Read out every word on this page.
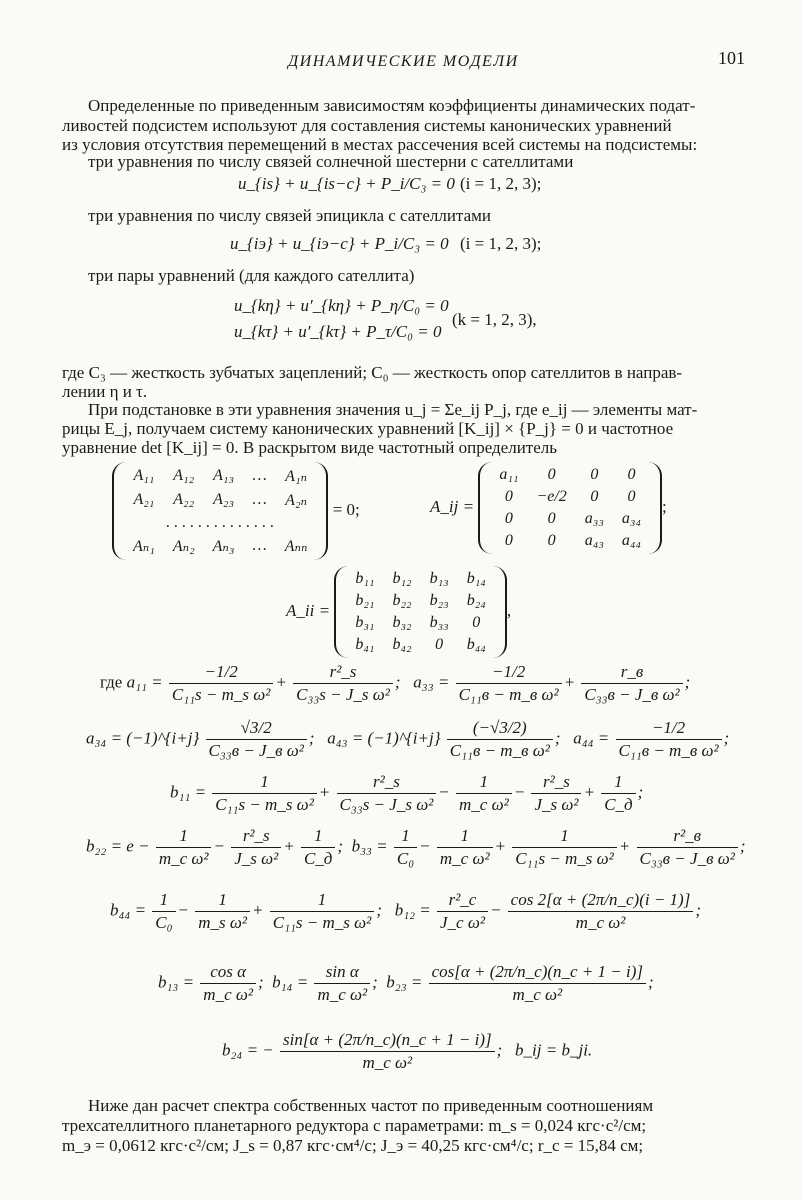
ДИНАМИЧЕСКИЕ МОДЕЛИ	101
Определенные по приведенным зависимостям коэффициенты динамических подат-
ливостей подсистем используют для составления системы канонических уравнений
из условия отсутствия перемещений в местах рассечения всей системы на подсистемы:
три уравнения по числу связей солнечной шестерни с сателлитами
u_{is} + u_{is−c} + P_i/C₃ = 0 (i = 1, 2, 3);
три уравнения по числу связей эпицикла с сателлитами
u_{iэ} + u_{iэ−c} + P_i/C₃ = 0 (i = 1, 2, 3);
три пары уравнений (для каждого сателлита)
u_{kη} + u′_{kη} + P_η/C₀ = 0
u_{kτ} + u′_{kτ} + P_τ/C₀ = 0
(k = 1, 2, 3),
где C₃ — жесткость зубчатых зацеплений; C₀ — жесткость опор сателлитов в направ-
лении η и τ.
При подстановке в эти уравнения значения u_j = Σe_ij P_j, где e_ij — элементы мат-
рицы E_j, получаем систему канонических уравнений [K_ij] × {P_j} = 0 и частотное
уравнение det [K_ij] = 0. В раскрытом виде частотный определитель
A₁₁	A₁₂	A₁₃	…	A₁ₙ
A₂₁	A₂₂	A₂₃	…	A₂ₙ
. . . . . . . . . . . . . .				
Aₙ₁	Aₙ₂	Aₙ₃	…	Aₙₙ
= 0;	A_ij =
a₁₁	0	0	0
0	−e/2	0	0
0	0	a₃₃	a₃₄
0	0	a₄₃	a₄₄
;
A_ii =
b₁₁	b₁₂	b₁₃	b₁₄
b₂₁	b₂₂	b₂₃	b₂₄
b₃₁	b₃₂	b₃₃	0
b₄₁	b₄₂	0	b₄₄
,
где $a_{11} = \frac{-1/2}{\text{C₁₁s − m\_s ω²}} + \frac{\text{r²\_s}}{\text{C₃₃s − J\_s ω²}}$ ;   $a_{33} = \frac{-1/2}{\text{C₁₁в − m\_в ω²}} + \frac{r\_в}{\text{C₃₃в − J\_в ω²}}$ ;
a₃₄ = (−1)^{i+j} $\frac{√3/2}{\text{C₃₃в − J\_в ω²}}$ ;   a₄₃ = (−1)^{i+j} $\frac{(-√3/2)}{\text{C₁₁в − m\_в ω²}}$ ;   $a_{44} = \frac{-1/2}{\text{C₁₁в − m\_в ω²}}$ ;
$b_{11} = \frac{1}{\text{C₁₁s − m\_s ω²}} + \frac{\text{r²\_s}}{\text{C₃₃s − J\_s ω²}} - \frac{1}{\text{m\_c ω²}} - \frac{\text{r²\_s}}{\text{J\_s ω²}} + \frac{1}{C\_д}$ ;
$b_{22} = e - \frac{1}{\text{m\_c ω²}} - \frac{\text{r²\_s}}{\text{J\_s ω²}} + \frac{1}{C\_д}$ ;  $b_{33} = \frac{1}{\text{C₀}} - \frac{1}{\text{m\_c ω²}} + \frac{1}{\text{C₁₁s − m\_s ω²}} + \frac{\text{r²\_в}}{\text{C₃₃в − J\_в ω²}}$ ;
$b_{44} = \frac{1}{\text{C₀}} - \frac{1}{\text{m\_s ω²}} + \frac{1}{\text{C₁₁s − m\_s ω²}}$ ;   $b_{12} = \frac{\text{r²\_c}}{\text{J\_c ω²}} - \frac{\cos 2[\alpha + (2\pi/n\_c)(i - 1)]}{\text{m\_c ω²}}$ ;
$b_{13} = \frac{\text{cos α}}{\text{m\_c ω²}}$ ;  $b_{14} = \frac{\text{sin α}}{\text{m\_c ω²}}$ ;  $b_{23} = \frac{\cos[\alpha + (2\pi/n\_c)(n\_c + 1 - i)]}{\text{m\_c ω²}}$ ;
b₂₄ = − $\frac{\sin[\alpha + (2\pi/n\_c)(n\_c + 1 - i)]}{\text{m\_c ω²}}$ ;   b_ij = b_ji.
Ниже дан расчет спектра собственных частот по приведенным соотношениям
трехсателлитного планетарного редуктора с параметрами: m_s = 0,024 кгс·с²/см;
m_э = 0,0612 кгс·с²/см; J_s = 0,87 кгс·см⁴/с; J_э = 40,25 кгс·см⁴/с; r_c = 15,84 см;
